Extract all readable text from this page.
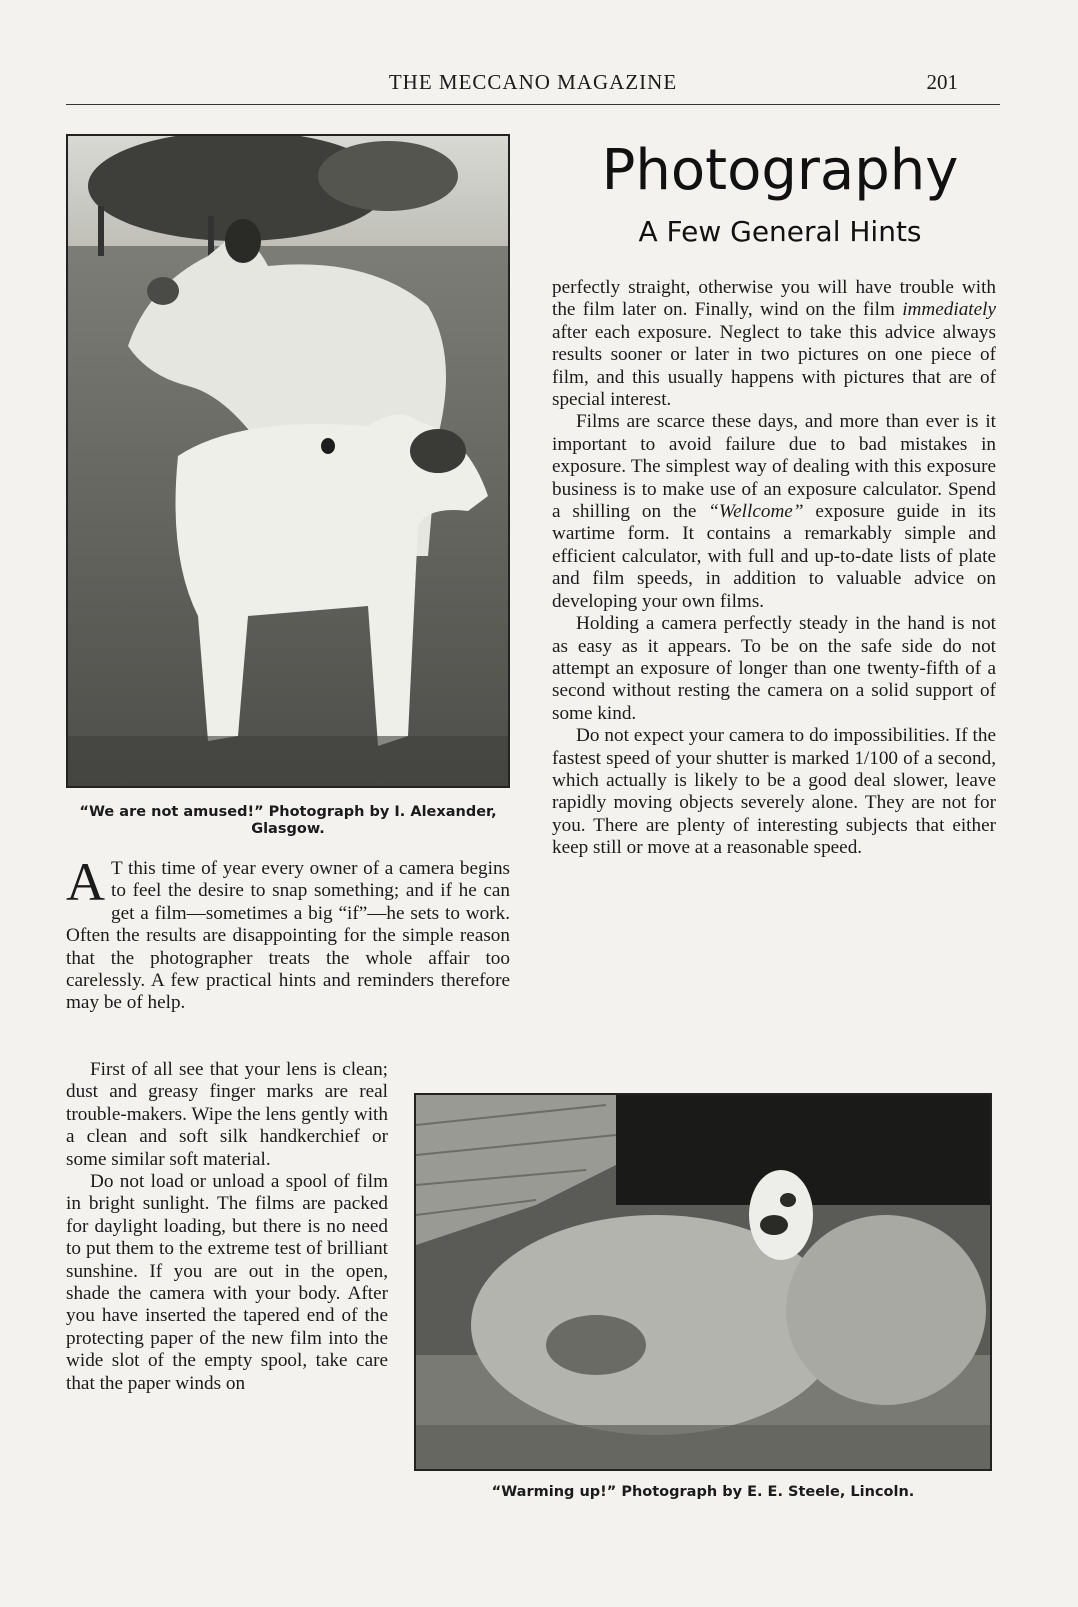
THE MECCANO MAGAZINE	201
“We are not amused!” Photograph by I. Alexander,
Glasgow.
Photography
A Few General Hints

perfectly straight, otherwise you will have trouble with the film later on. Finally, wind on the film immediately after each exposure. Neglect to take this advice always results sooner or later in two pictures on one piece of film, and this usually happens with pictures that are of special interest.

Films are scarce these days, and more than ever is it important to avoid failure due to bad mistakes in exposure. The simplest way of dealing with this exposure business is to make use of an exposure calculator. Spend a shilling on the “Wellcome” exposure guide in its wartime form. It contains a remarkably simple and efficient calculator, with full and up-to-date lists of plate and film speeds, in addition to valuable advice on developing your own films.

Holding a camera perfectly steady in the hand is not as easy as it appears. To be on the safe side do not attempt an exposure of longer than one twenty-fifth of a second without resting the camera on a solid support of some kind.

Do not expect your camera to do impossibilities. If the fastest speed of your shutter is marked 1/100 of a second, which actually is likely to be a good deal slower, leave rapidly moving objects severely alone. They are not for you. There are plenty of interesting subjects that either keep still or move at a reasonable speed.

A T this time of year every owner of a camera begins to feel the desire to snap something; and if he can get a film—sometimes a big “if”—he sets to work. Often the results are disappointing for the simple reason that the photographer treats the whole affair too carelessly. A few practical hints and reminders therefore may be of help.

First of all see that your lens is clean; dust and greasy finger marks are real trouble-makers. Wipe the lens gently with a clean and soft silk handkerchief or some similar soft material.

Do not load or unload a spool of film in bright sunlight. The films are packed for daylight loading, but there is no need to put them to the extreme test of brilliant sunshine. If you are out in the open, shade the camera with your body. After you have inserted the tapered end of the protecting paper of the new film into the wide slot of the empty spool, take care that the paper winds on

“Warming up!” Photograph by E. E. Steele, Lincoln.
